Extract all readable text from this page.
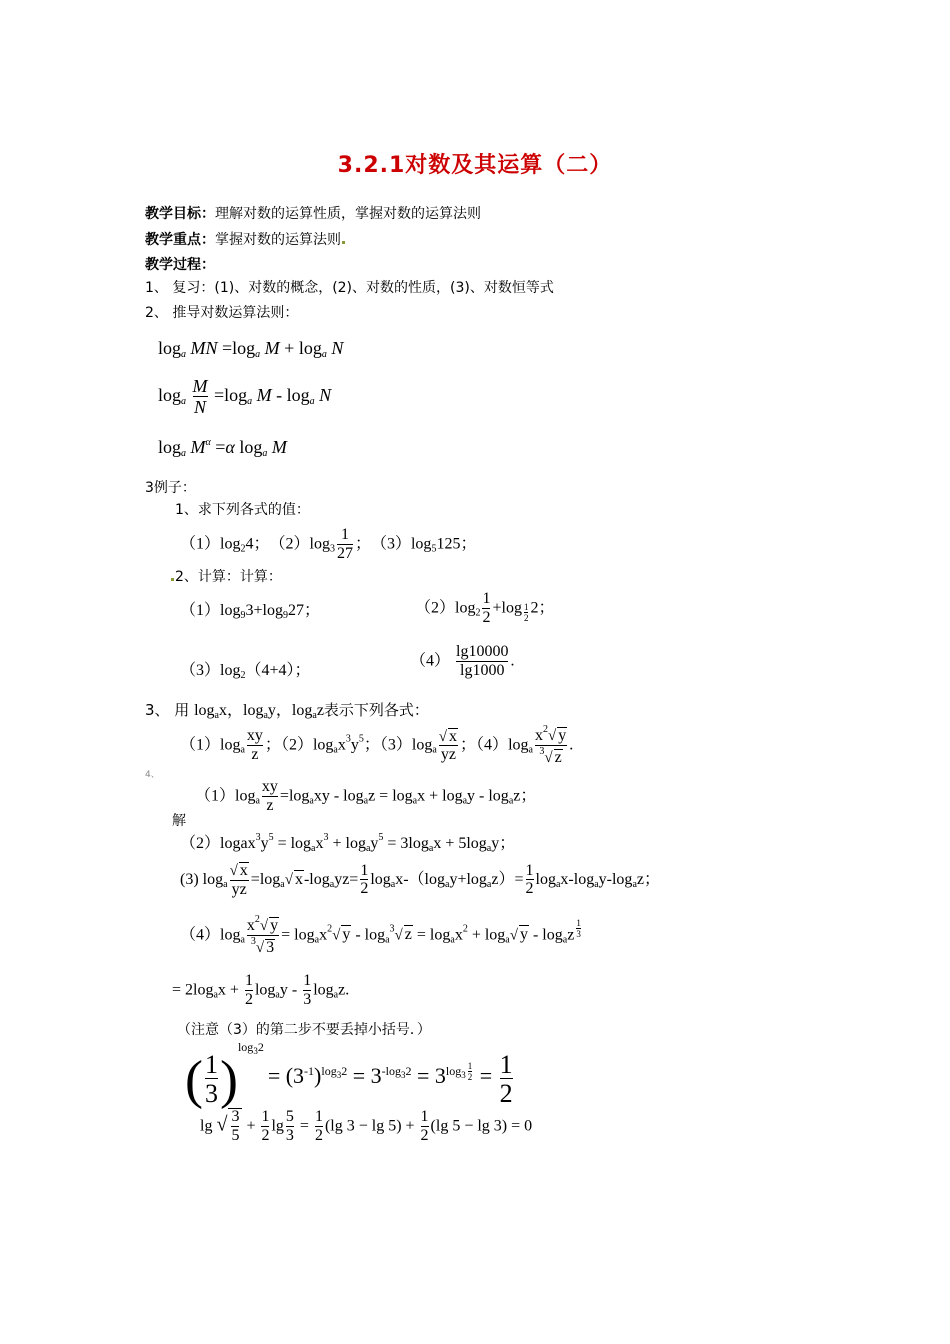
3.2.1对数及其运算（二）
教学目标：理解对数的运算性质，掌握对数的运算法则
教学重点：掌握对数的运算法则
教学过程：
1、 复习：(1)、对数的概念，(2)、对数的性质，(3)、对数恒等式
2、 推导对数运算法则：
$\log_a$ MN $=\log_a$ $M + \log_a N$
$\log_a \frac{M}{N} =\log_a$ M - $\log_a N$
$\log_a M^\alpha =\alpha$ $\log_a M$
3例子：
1、求下列各式的值：
$(1)\log_24$；　$(2)\log_3 \frac{1}{27}$ ；　$(3)\log_5125$；
2、计算：计算：
$(1)\log_93+\log_927$；	$(2)\log_2 \frac{1}{2} +\log$ $_{\frac{1}{2}}$ 2；
$(3)\log_2(4+4)$；
$(4) \frac{\lg 10000}{\lg 1000}$ .
3、 用 $\log_ax$，$\log_ay$，$\log_az$表示下列各式：
$(1)\log_a \frac{xy}{z}$ ；$(2)\log_ax^3y^5$；$(3)\log_a \frac{√ x}{yz}$ ；$(4)\log_a \frac{x^2√ y}{^3√ z}$ .
4、
解
$(1)\log_a \frac{xy}{z} =\log_axy - \log_az = \log_ax + \log_ay - \log_az$；
$(2)logax^3y^5 = \log_ax^3 + \log_ay^5 = 3\log_ax + 5\log_ay$；
(3) $\log_a \frac{√ x}{yz} =\log_a√$ $x-\log_ayz= \frac{1}{2} \log_ax-(\log_ay+\log_az)= \frac{1}{2} \log_ax-\log_ay-\log_az$；
$(4)\log_a \frac{x^2√ y}{^3√ 3} = \log_ax^2√$ y - $\log_a^3√$ $z = \log_ax^2 + \log_a√$ y - $\log_az$ $^{\frac{1}{3}}$
= $2\log_ax + \frac{1}{2} \log_ay - \frac{1}{3} \log_az$.
（注意（3）的第二步不要丢掉小括号．）
( $\frac{1}{3} )^{log_32} = (3^{-1})^{log_32} = 3^{-log_32} = 3^{log_3 \frac{1}{2}} = \frac{1}{2}$
lg √ $\frac{3}{5} + \frac{1}{2}$ $\lg \frac{5}{3} = \frac{1}{2} (\lg$ $3 - \lg 5) + \frac{1}{2} (\lg$ 5 − lg 3) = 0
